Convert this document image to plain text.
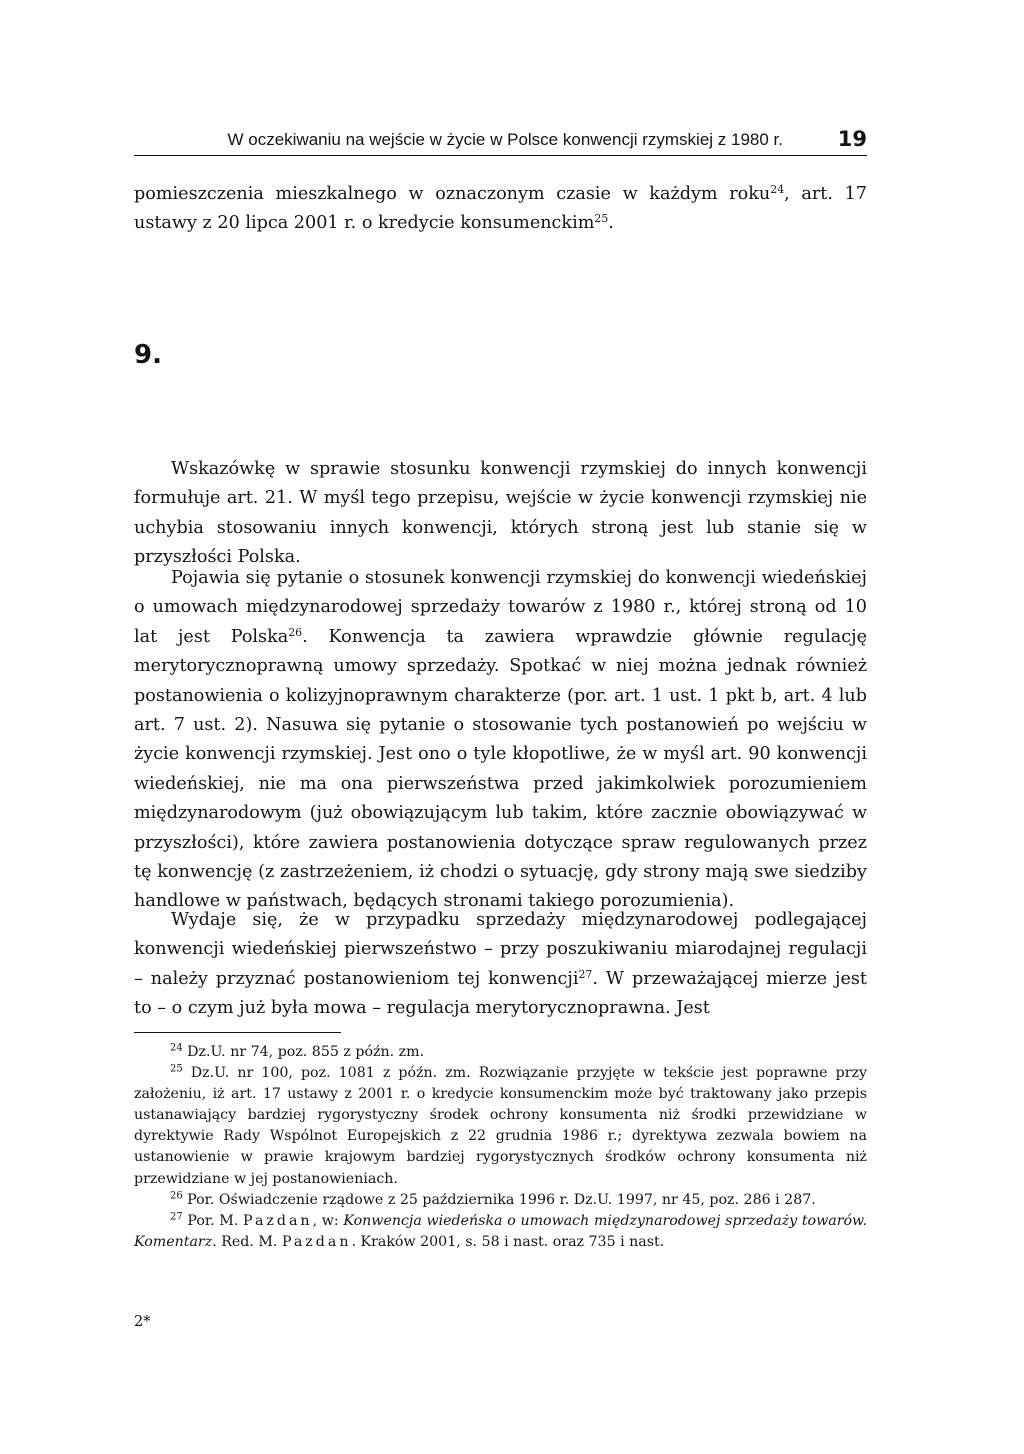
W oczekiwaniu na wejście w życie w Polsce konwencji rzymskiej z 1980 r.	19

pomieszczenia mieszkalnego w oznaczonym czasie w każdym roku$^{24}$, art. 17 ustawy z 20 lipca 2001 r. o kredycie konsumenckim$^{25}$.

9.

Wskazówkę w sprawie stosunku konwencji rzymskiej do innych konwencji formułuje art. 21. W myśl tego przepisu, wejście w życie konwencji rzymskiej nie uchybia stosowaniu innych konwencji, których stroną jest lub stanie się w przyszłości Polska.

Pojawia się pytanie o stosunek konwencji rzymskiej do konwencji wiedeńskiej o umowach międzynarodowej sprzedaży towarów z 1980 r., której stroną od 10 lat jest Polska$^{26}$. Konwencja ta zawiera wprawdzie głównie regulację merytorycznoprawną umowy sprzedaży. Spotkać w niej można jednak również postanowienia o kolizyjnoprawnym charakterze (por. art. 1 ust. 1 pkt b, art. 4 lub art. 7 ust. 2). Nasuwa się pytanie o stosowanie tych postanowień po wejściu w życie konwencji rzymskiej. Jest ono o tyle kłopotliwe, że w myśl art. 90 konwencji wiedeńskiej, nie ma ona pierwszeństwa przed jakimkolwiek porozumieniem międzynarodowym (już obowiązującym lub takim, które zacznie obowiązywać w przyszłości), które zawiera postanowienia dotyczące spraw regulowanych przez tę konwencję (z zastrzeżeniem, iż chodzi o sytuację, gdy strony mają swe siedziby handlowe w państwach, będących stronami takiego porozumienia).

Wydaje się, że w przypadku sprzedaży międzynarodowej podlegającej konwencji wiedeńskiej pierwszeństwo – przy poszukiwaniu miarodajnej regulacji – należy przyznać postanowieniom tej konwencji$^{27}$. W przeważającej mierze jest to – o czym już była mowa – regulacja merytorycznoprawna. Jest

$^{24}$ Dz.U. nr 74, poz. 855 z późn. zm.

$^{25}$ Dz.U. nr 100, poz. 1081 z późn. zm. Rozwiązanie przyjęte w tekście jest poprawne przy założeniu, iż art. 17 ustawy z 2001 r. o kredycie konsumenckim może być traktowany jako przepis ustanawiający bardziej rygorystyczny środek ochrony konsumenta niż środki przewidziane w dyrektywie Rady Wspólnot Europejskich z 22 grudnia 1986 r.; dyrektywa zezwala bowiem na ustanowienie w prawie krajowym bardziej rygorystycznych środków ochrony konsumenta niż przewidziane w jej postanowieniach.

$^{26}$ Por. Oświadczenie rządowe z 25 października 1996 r. Dz.U. 1997, nr 45, poz. 286 i 287.

$^{27}$ Por. M. Pazdan, w: Konwencja wiedeńska o umowach międzynarodowej sprzedaży towarów. Komentarz. Red. M. Pazdan. Kraków 2001, s. 58 i nast. oraz 735 i nast.

2*
